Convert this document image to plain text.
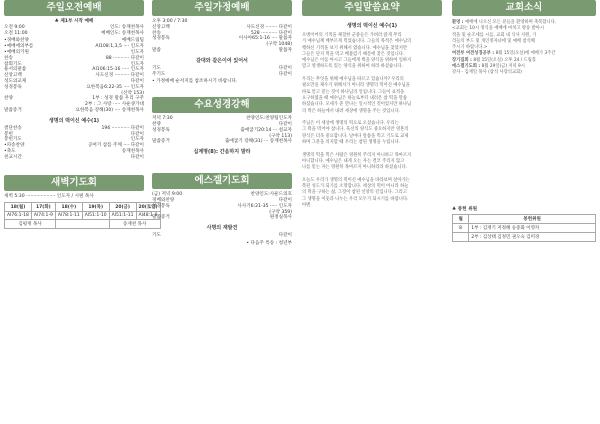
주일오전예배
♣ 제1부 시작 예배
오전 9:00	인도: 송재천목사
오전 11:00	예배인도: 송재천목사
•경배와찬양	예배드림팀
•예배에의부름	AI108:1,3,5 ···· 인도자
•예배의기원	인도자
찬송	88 ··········· 다같이
참회기도	인도자
용서의말씀	AI106:15-16 ····· 인도자
신앙고백	사도신경 ·········· 다같이
성도의교제	다같이
성경봉독	요한복음6:22-35 ···· 인도자
(신약 153)
찬양	1부 : 성경 말씀 우리 구주
2부 : 그 사랑 ····· 사운샹가대
말씀증거	요한복음 강해(30) ···· 송재천목사
생명의 떡이신 예수(1)
결단찬송	196 ············ 다같이
봉헌	다같이
봉헌기도	인도자
•파송찬양	공여기 삽를 주께 ···· 다같이
•축도	송재천목사
친교시간	다같이
새벽기도회
새벽 5:30 ···················· 인도자 / 시편 목사
18(월)	17(화)	18(수)	19(목)	20(금)	20(토일)
AI76:1-18	AI74:1-9	AI78:1-11	AI51:1-10	AI51:1-11	AI48:1-9
김평재 목사				송재천 목사	
주일가정예배
오후 3:00 / 7:30
신앙고백	사도신경 ········ 다같이
찬송	528 ··········· 다같이
성경봉독	이사야65:1-16 ···· 말씀자
(구약 1048)
말씀	말씀자
갈대와 같은이여 있어서
기도	다같이
주기도	다같이
• 가정예배 순서지를 참조하시기 바랍니다.
수요성경강해
저녁 7:30	찬양인도:찬양팀인도자
찬양	다같이
성경봉독	출애굽기20:14 ··· 설교자
(구약 113)
말씀증거	출애굽기 강해(31) ··· 송재천목사
십계명(8): 간음하지 말라
에스겔기도회
(금) 저녁 9:00	찬양인도:사운드의호
경배와찬양	다같이
성경봉독	사사기6:21-35 ····· 인도자
(구약 359)
말씀증거	원정실목사
사명의 재발견
기도	다같이
• 다음주 특송 : 청년부
주일말씀요약
생명의 떡이신 예수(1)
오병이어의 기적을 체험한 군중들은 가벼려 앉게 무리
가 예수님께 배부르게 먹었습니다. 그들의 목적은 예수님의
행하신 기적을 보기 위해서 였습니다. 예수님을 찾았지만
그들은 단지 떡을 먹고 배불렀기 때문에 찾은 것입니다.
예수님은 이를 아시고 그들에게 썩을 양식을 위하여 일하지
말고 영생하도록 있는 양식을 위하여 하라 하셨습니다.

우리는 무엇을 위해 예수님을 따르고 있습니까? 우리의
필요만을 채우기 위해서가 아니라 생명의 떡이신 예수님을
바로 알고 믿는 것이 하나님의 일입니다. 그들이 표적을
요구하였을 때 예수님은 하늘로부터 내려온 참 떡을 말씀
하셨습니다. 모세가 준 만나는 일시적인 것이었지만 하나님
의 떡은 하늘에서 내려 세상에 생명을 주는 것입니다.

주님은 이 세상에 생명의 떡으로 오셨습니다. 우리는
그 떡을 먹어야 삽니다. 육신의 양식도 중요하지만 영혼의
양식은 더욱 중요합니다. 날마다 말씀을 먹고 기도로 교제
하며 그분을 의지할 때 우리는 참된 생명을 누립니다.

생명의 떡을 먹은 사람은 영원히 주리지 아니하고 목마르지
아니합니다. 예수님은 내게 오는 자는 결코 주리지 않고
나를 믿는 자는 영원히 목마르지 아니하리라 하셨습니다.

오늘도 우리가 생명의 떡이신 예수님을 바라보며 살아가는
복된 성도가 되기를 소망합니다. 세상의 떡이 아니라 하늘
의 떡을 구하는 삶, 그것이 참된 신앙의 길입니다. 그리고
그 생명을 이웃과 나누는 우리 모두가 되시기를 바랍니다.
아멘.
교회소식
환영 : 예배에 나오신 모든 분들을 환영하며 축복합니다.
<교회는 10시 정식을 예배에 마치고 방송 받아시
적을 및 순조세를 시를, 교회 내 식사 지원, 가
리들의 부드 및 개인정자녀에 및 예배 참석해
주시기 바랍니다.>
여전부 여전성경공부 : 8월 15일(오실)에 예배가 3주간
장기집회 : 8월 15일(오실) 오후 24 / 드림홀
에스겔기도회 : 8월 29일(금) 저녁 9시
강사 - 김재일 목사 (삽석 사랑의교회)
♣ 봉헌 위원
월	봉헌위원
8	1부 : 김재기 저정혜 승중화 이영자
	2부 : 김상태 김정민 권오숙 김미경
